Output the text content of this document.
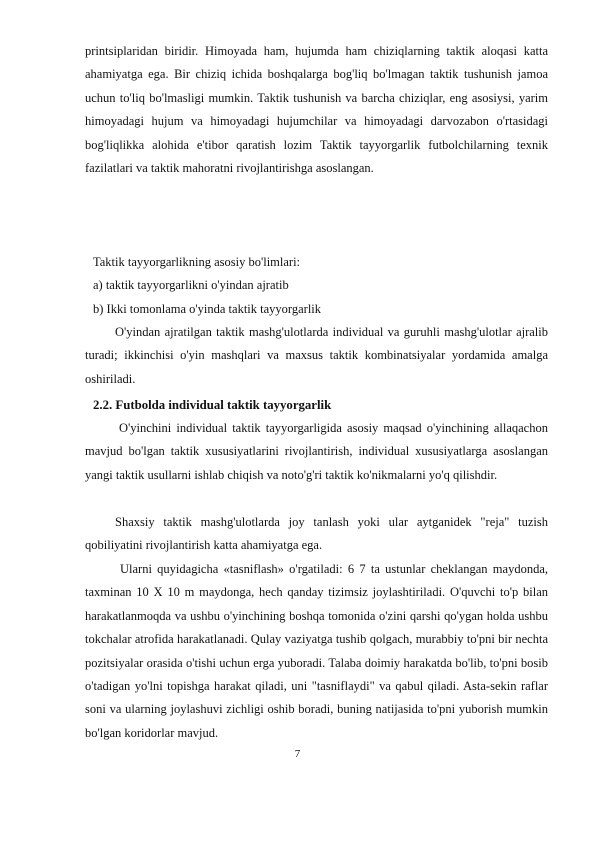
printsiplaridan biridir. Himoyada ham, hujumda ham chiziqlarning taktik aloqasi katta ahamiyatga ega. Bir chiziq ichida boshqalarga bog'liq bo'lmagan taktik tushunish jamoa uchun to'liq bo'lmasligi mumkin. Taktik tushunish va barcha chiziqlar, eng asosiysi, yarim himoyadagi hujum va himoyadagi hujumchilar va himoyadagi darvozabon o'rtasidagi bog'liqlikka alohida e'tibor qaratish lozim Taktik tayyorgarlik futbolchilarning texnik fazilatlari va taktik mahoratni rivojlantirishga asoslangan.
Taktik tayyorgarlikning asosiy bo'limlari:
a) taktik tayyorgarlikni o'yindan ajratib
b) Ikki tomonlama o'yinda taktik tayyorgarlik
O'yindan ajratilgan taktik mashg'ulotlarda individual va guruhli mashg'ulotlar ajralib turadi; ikkinchisi o'yin mashqlari va maxsus taktik kombinatsiyalar yordamida amalga oshiriladi.
2.2. Futbolda individual taktik tayyorgarlik
O'yinchini individual taktik tayyorgarligida asosiy maqsad o'yinchining allaqachon mavjud bo'lgan taktik xususiyatlarini rivojlantirish, individual xususiyatlarga asoslangan yangi taktik usullarni ishlab chiqish va noto'g'ri taktik ko'nikmalarni yo'q qilishdir.
Shaxsiy taktik mashg'ulotlarda joy tanlash yoki ular aytganidek "reja" tuzish qobiliyatini rivojlantirish katta ahamiyatga ega.
Ularni quyidagicha «tasniflash» o'rgatiladi: 6 7 ta ustunlar cheklangan maydonda, taxminan 10 X 10 m maydonga, hech qanday tizimsiz joylashtiriladi. O'quvchi to'p bilan harakatlanmoqda va ushbu o'yinchining boshqa tomonida o'zini qarshi qo'ygan holda ushbu tokchalar atrofida harakatlanadi. Qulay vaziyatga tushib qolgach, murabbiy to'pni bir nechta pozitsiyalar orasida o'tishi uchun erga yuboradi. Talaba doimiy harakatda bo'lib, to'pni bosib o'tadigan yo'lni topishga harakat qiladi, uni "tasniflaydi" va qabul qiladi. Asta-sekin raflar soni va ularning joylashuvi zichligi oshib boradi, buning natijasida to'pni yuborish mumkin bo'lgan koridorlar mavjud.
7
